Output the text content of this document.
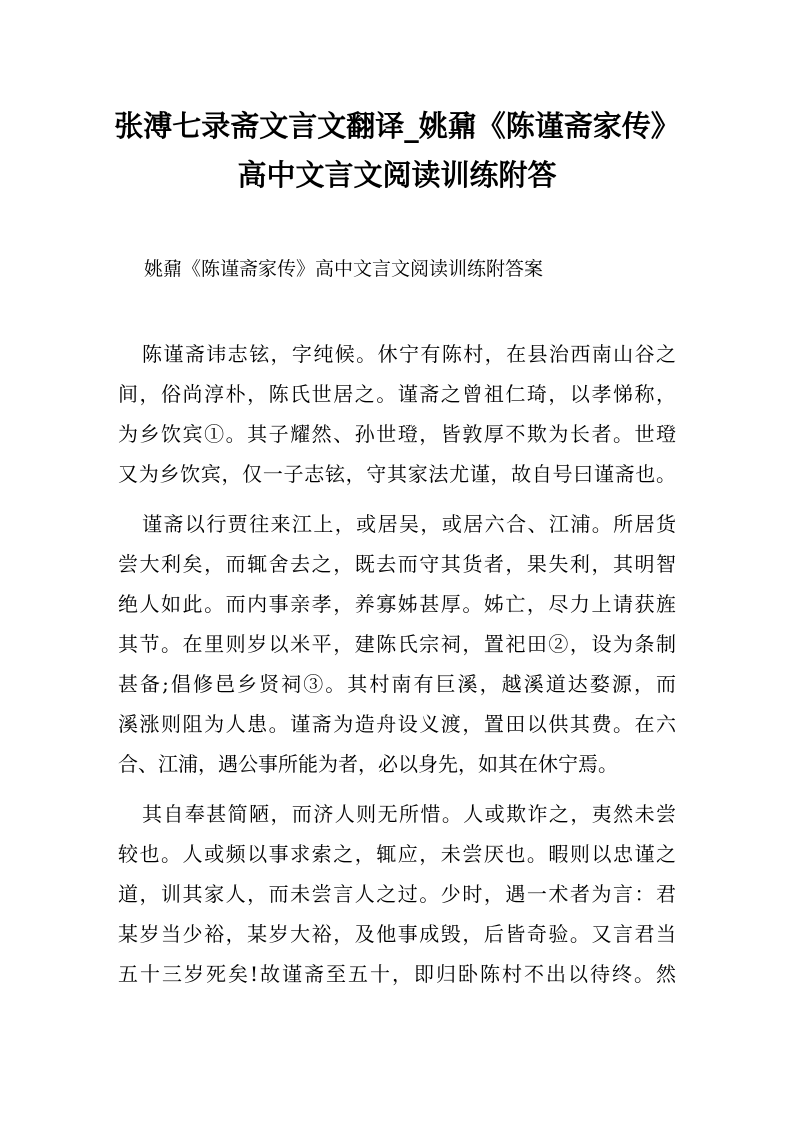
张溥七录斋文言文翻译_姚鼐《陈谨斋家传》
高中文言文阅读训练附答
姚鼐《陈谨斋家传》高中文言文阅读训练附答案
陈谨斋讳志铉，字纯候。休宁有陈村，在县治西南山谷之
间，俗尚淳朴，陈氏世居之。谨斋之曾祖仁琦，以孝悌称，
为乡饮宾①。其子耀然、孙世璒，皆敦厚不欺为长者。世璒
又为乡饮宾，仅一子志铉，守其家法尤谨，故自号曰谨斋也。
谨斋以行贾往来江上，或居吴，或居六合、江浦。所居货
尝大利矣，而辄舍去之，既去而守其货者，果失利，其明智
绝人如此。而内事亲孝，养寡姊甚厚。姊亡，尽力上请获旌
其节。在里则岁以米平，建陈氏宗祠，置祀田②，设为条制
甚备;倡修邑乡贤祠③。其村南有巨溪，越溪道达婺源，而
溪涨则阻为人患。谨斋为造舟设义渡，置田以供其费。在六
合、江浦，遇公事所能为者，必以身先，如其在休宁焉。
其自奉甚简陋，而济人则无所惜。人或欺诈之，夷然未尝
较也。人或频以事求索之，辄应，未尝厌也。暇则以忠谨之
道，训其家人，而未尝言人之过。少时，遇一术者为言：君
某岁当少裕，某岁大裕，及他事成毁，后皆奇验。又言君当
五十三岁死矣!故谨斋至五十，即归卧陈村不出以待终。然
